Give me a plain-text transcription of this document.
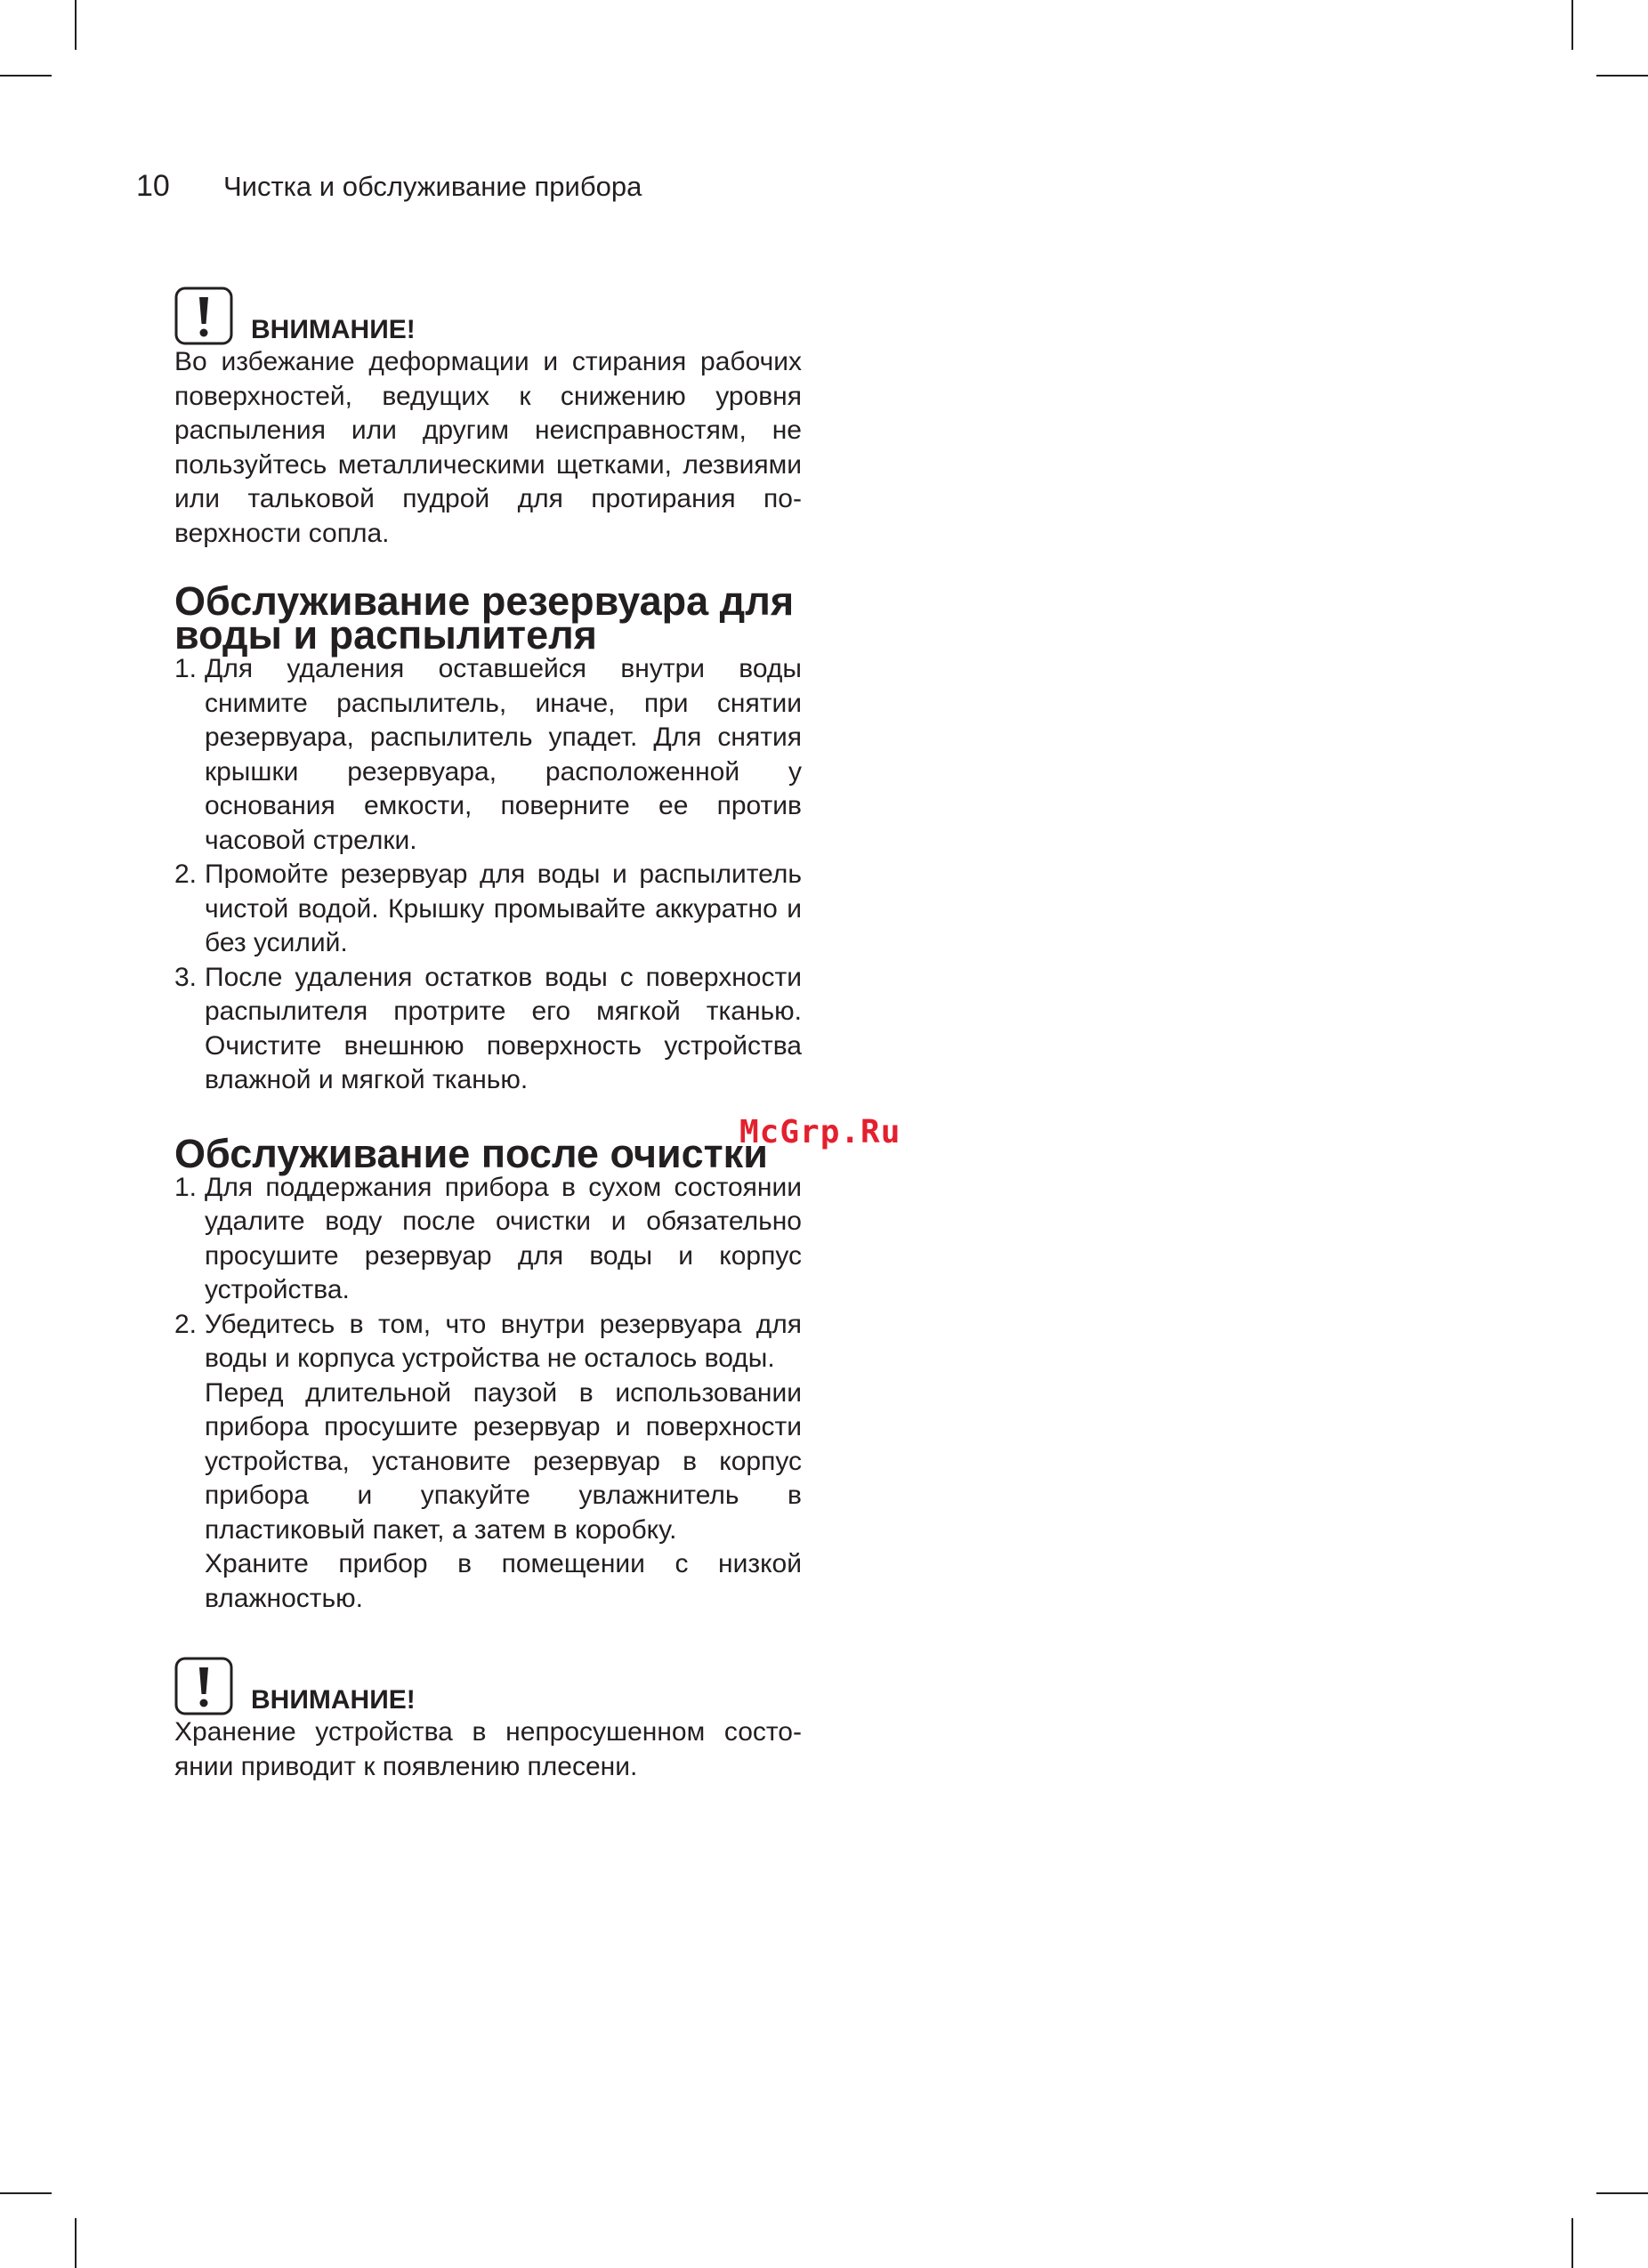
10	Чистка и обслуживание прибора
ВНИМАНИЕ!

Во избежание деформации и стирания рабочих поверхностей, ведущих к снижению уровня распыления или другим неисправностям, не пользуйтесь металлическими щетками, лезвиями или тальковой пудрой для протирания поверхности сопла.

Обслуживание резервуара для воды и распылителя
1. Для удаления оставшейся внутри воды снимите распылитель, иначе, при снятии резервуара, распылитель упадет. Для снятия крышки резервуара, расположенной у основания емкости, поверните ее против часовой стрелки.
2. Промойте резервуар для воды и распылитель чистой водой. Крышку промывайте аккуратно и без усилий.
3. После удаления остатков воды с поверхности распылителя протрите его мягкой тканью. Очистите внешнюю поверхность устройства влажной и мягкой тканью.
Обслуживание после очистки
1. Для поддержания прибора в сухом состоянии удалите воду после очистки и обязательно просушите резервуар для воды и корпус устройства.
2. Убедитесь в том, что внутри резервуара для воды и корпуса устройства не осталось воды.

Перед длительной паузой в использовании прибора просушите резервуар и поверхности устройства, установите резервуар в корпус прибора и упакуйте увлажнитель в пластиковый пакет, а затем в коробку.

Храните прибор в помещении с низкой влажностью.

ВНИМАНИЕ!

Хранение устройства в непросушенном состоянии приводит к появлению плесени.

McGrp.Ru
